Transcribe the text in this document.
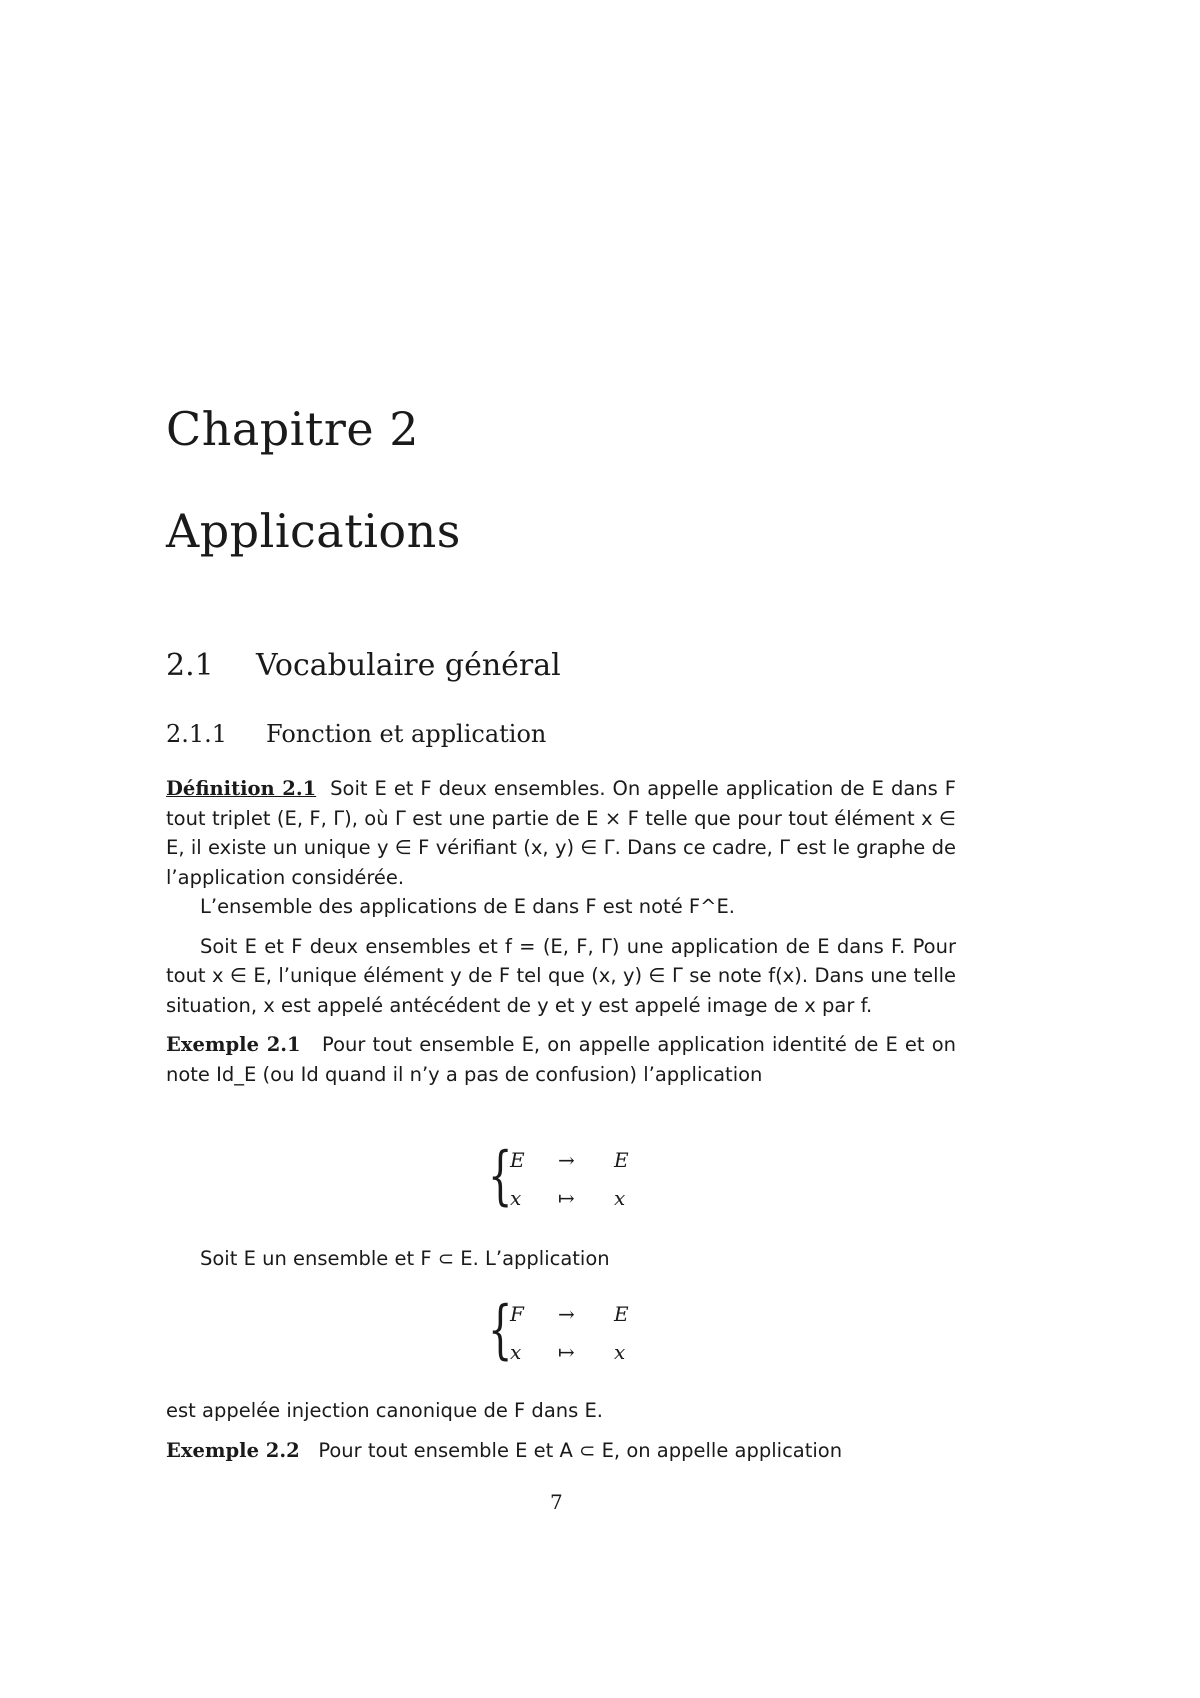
Chapitre 2
Applications
2.1 Vocabulaire général
2.1.1 Fonction et application

Définition 2.1 Soit E et F deux ensembles. On appelle application de E dans F tout triplet (E, F, Γ), où Γ est une partie de E × F telle que pour tout élément x ∈ E, il existe un unique y ∈ F vérifiant (x, y) ∈ Γ. Dans ce cadre, Γ est le graphe de l’application considérée.

L’ensemble des applications de E dans F est noté F^E.

Soit E et F deux ensembles et f = (E, F, Γ) une application de E dans F. Pour tout x ∈ E, l’unique élément y de F tel que (x, y) ∈ Γ se note f(x). Dans une telle situation, x est appelé antécédent de y et y est appelé image de x par f.

Exemple 2.1 Pour tout ensemble E, on appelle application identité de E et on note Id_E (ou Id quand il n’y a pas de confusion) l’application

{
E → E
x ↦ x

Soit E un ensemble et F ⊂ E. L’application

{
F → E
x ↦ x

est appelée injection canonique de F dans E.

Exemple 2.2 Pour tout ensemble E et A ⊂ E, on appelle application

7
